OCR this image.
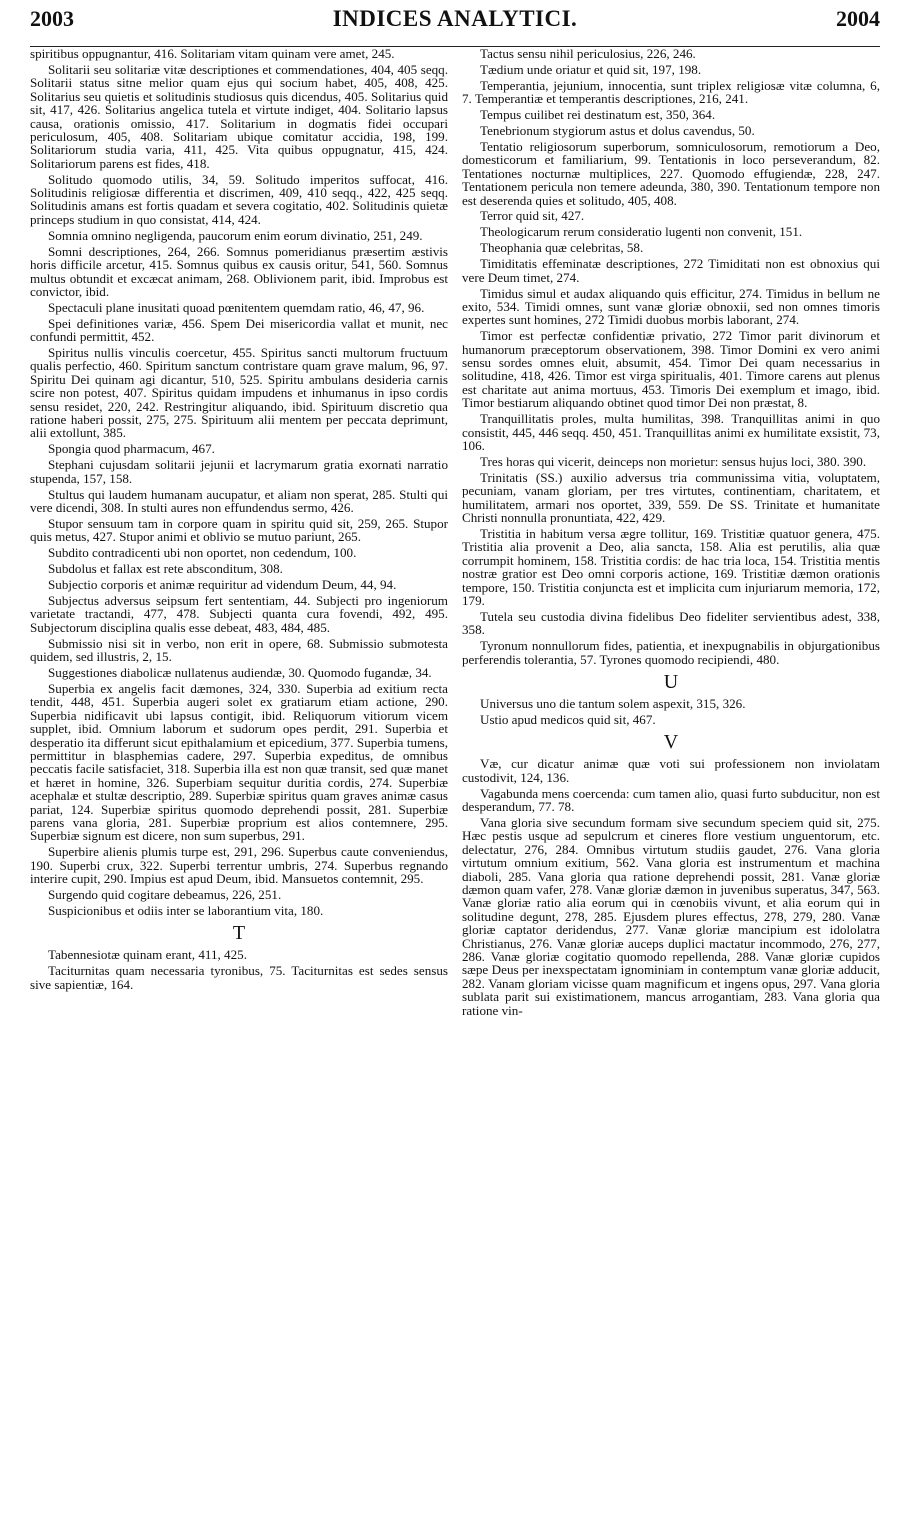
2003	INDICES ANALYTICI.	2004

spiritibus oppugnantur, 416. Solitariam vitam quinam vere amet, 245.

Solitarii seu solitariæ vitæ descriptiones et commendationes, 404, 405 seqq. Solitarii status sitne melior quam ejus qui socium habet, 405, 408, 425. Solitarius seu quietis et solitudinis studiosus quis dicendus, 405. Solitarius quid sit, 417, 426. Solitarius angelica tutela et virtute indiget, 404. Solitario lapsus causa, orationis omissio, 417. Solitarium in dogmatis fidei occupari periculosum, 405, 408. Solitariam ubique comitatur accidia, 198, 199. Solitariorum studia varia, 411, 425. Vita quibus oppugnatur, 415, 424. Solitariorum parens est fides, 418.

Solitudo quomodo utilis, 34, 59. Solitudo imperitos suffocat, 416. Solitudinis religiosæ differentia et discrimen, 409, 410 seqq., 422, 425 seqq. Solitudinis amans est fortis quadam et severa cogitatio, 402. Solitudinis quietæ princeps studium in quo consistat, 414, 424.

Somnia omnino negligenda, paucorum enim eorum divinatio, 251, 249.

Somni descriptiones, 264, 266. Somnus pomeridianus præsertim æstivis horis difficile arcetur, 415. Somnus quibus ex causis oritur, 541, 560. Somnus multus obtundit et excæcat animam, 268. Oblivionem parit, ibid. Improbus est convictor, ibid.

Spectaculi plane inusitati quoad pœnitentem quemdam ratio, 46, 47, 96.

Spei definitiones variæ, 456. Spem Dei misericordia vallat et munit, nec confundi permittit, 452.

Spiritus nullis vinculis coercetur, 455. Spiritus sancti multorum fructuum qualis perfectio, 460. Spiritum sanctum contristare quam grave malum, 96, 97. Spiritu Dei quinam agi dicantur, 510, 525. Spiritu ambulans desideria carnis scire non potest, 407. Spiritus quidam impudens et inhumanus in ipso cordis sensu residet, 220, 242. Restringitur aliquando, ibid. Spirituum discretio qua ratione haberi possit, 275, 275. Spirituum alii mentem per peccata deprimunt, alii extollunt, 385.

Spongia quod pharmacum, 467.

Stephani cujusdam solitarii jejunii et lacrymarum gratia exornati narratio stupenda, 157, 158.

Stultus qui laudem humanam aucupatur, et aliam non sperat, 285. Stulti qui vere dicendi, 308. In stulti aures non effundendus sermo, 426.

Stupor sensuum tam in corpore quam in spiritu quid sit, 259, 265. Stupor quis metus, 427. Stupor animi et oblivio se mutuo pariunt, 265.

Subdito contradicenti ubi non oportet, non cedendum, 100.

Subdolus et fallax est rete absconditum, 308.

Subjectio corporis et animæ requiritur ad videndum Deum, 44, 94.

Subjectus adversus seipsum fert sententiam, 44. Subjecti pro ingeniorum varietate tractandi, 477, 478. Subjecti quanta cura fovendi, 492, 495. Subjectorum disciplina qualis esse debeat, 483, 484, 485.

Submissio nisi sit in verbo, non erit in opere, 68. Submissio submotesta quidem, sed illustris, 2, 15.

Suggestiones diabolicæ nullatenus audiendæ, 30. Quomodo fugandæ, 34.

Superbia ex angelis facit dæmones, 324, 330. Superbia ad exitium recta tendit, 448, 451. Superbia augeri solet ex gratiarum etiam actione, 290. Superbia nidificavit ubi lapsus contigit, ibid. Reliquorum vitiorum vicem supplet, ibid. Omnium laborum et sudorum opes perdit, 291. Superbia et desperatio ita differunt sicut epithalamium et epicedium, 377. Superbia tumens, permittitur in blasphemias cadere, 297. Superbia expeditus, de omnibus peccatis facile satisfaciet, 318. Superbia illa est non quæ transit, sed quæ manet et hæret in homine, 326. Superbiam sequitur duritia cordis, 274. Superbiæ acephalæ et stultæ descriptio, 289. Superbiæ spiritus quam graves animæ casus pariat, 124. Superbiæ spiritus quomodo deprehendi possit, 281. Superbiæ parens vana gloria, 281. Superbiæ proprium est alios contemnere, 295. Superbiæ signum est dicere, non sum superbus, 291.

Superbire alienis plumis turpe est, 291, 296. Superbus caute conveniendus, 190. Superbi crux, 322. Superbi terrentur umbris, 274. Superbus regnando interire cupit, 290. Impius est apud Deum, ibid. Mansuetos contemnit, 295.

Surgendo quid cogitare debeamus, 226, 251.

Suspicionibus et odiis inter se laborantium vita, 180.

T

Tabennesiotæ quinam erant, 411, 425.

Taciturnitas quam necessaria tyronibus, 75. Taciturnitas est sedes sensus sive sapientiæ, 164.

Tactus sensu nihil periculosius, 226, 246.

Tædium unde oriatur et quid sit, 197, 198.

Temperantia, jejunium, innocentia, sunt triplex religiosæ vitæ columna, 6, 7. Temperantiæ et temperantis descriptiones, 216, 241.

Tempus cuilibet rei destinatum est, 350, 364.

Tenebrionum stygiorum astus et dolus cavendus, 50.

Tentatio religiosorum superborum, somniculosorum, remotiorum a Deo, domesticorum et familiarium, 99. Tentationis in loco perseverandum, 82. Tentationes nocturnæ multiplices, 227. Quomodo effugiendæ, 228, 247. Tentationem pericula non temere adeunda, 380, 390. Tentationum tempore non est deserenda quies et solitudo, 405, 408.

Terror quid sit, 427.

Theologicarum rerum consideratio lugenti non convenit, 151.

Theophania quæ celebritas, 58.

Timiditatis effeminatæ descriptiones, 272 Timiditati non est obnoxius qui vere Deum timet, 274.

Timidus simul et audax aliquando quis efficitur, 274. Timidus in bellum ne exito, 534. Timidi omnes, sunt vanæ gloriæ obnoxii, sed non omnes timoris expertes sunt homines, 272 Timidi duobus morbis laborant, 274.

Timor est perfectæ confidentiæ privatio, 272 Timor parit divinorum et humanorum præceptorum observationem, 398. Timor Domini ex vero animi sensu sordes omnes eluit, absumit, 454. Timor Dei quam necessarius in solitudine, 418, 426. Timor est virga spiritualis, 401. Timore carens aut plenus est charitate aut anima mortuus, 453. Timoris Dei exemplum et imago, ibid. Timor bestiarum aliquando obtinet quod timor Dei non præstat, 8.

Tranquillitatis proles, multa humilitas, 398. Tranquillitas animi in quo consistit, 445, 446 seqq. 450, 451. Tranquillitas animi ex humilitate exsistit, 73, 106.

Tres horas qui vicerit, deinceps non morietur: sensus hujus loci, 380. 390.

Trinitatis (SS.) auxilio adversus tria communissima vitia, voluptatem, pecuniam, vanam gloriam, per tres virtutes, continentiam, charitatem, et humilitatem, armari nos oportet, 339, 559. De SS. Trinitate et humanitate Christi nonnulla pronuntiata, 422, 429.

Tristitia in habitum versa ægre tollitur, 169. Tristitiæ quatuor genera, 475. Tristitia alia provenit a Deo, alia sancta, 158. Alia est perutilis, alia quæ corrumpit hominem, 158. Tristitia cordis: de hac tria loca, 154. Tristitia mentis nostræ gratior est Deo omni corporis actione, 169. Tristitiæ dæmon orationis tempore, 150. Tristitia conjuncta est et implicita cum injuriarum memoria, 172, 179.

Tutela seu custodia divina fidelibus Deo fideliter servientibus adest, 338, 358.

Tyronum nonnullorum fides, patientia, et inexpugnabilis in objurgationibus perferendis tolerantia, 57. Tyrones quomodo recipiendi, 480.

U

Universus uno die tantum solem aspexit, 315, 326.

Ustio apud medicos quid sit, 467.

V

Væ, cur dicatur animæ quæ voti sui professionem non inviolatam custodivit, 124, 136.

Vagabunda mens coercenda: cum tamen alio, quasi furto subducitur, non est desperandum, 77. 78.

Vana gloria sive secundum formam sive secundum speciem quid sit, 275. Hæc pestis usque ad sepulcrum et cineres flore vestium unguentorum, etc. delectatur, 276, 284. Omnibus virtutum studiis gaudet, 276. Vana gloria virtutum omnium exitium, 562. Vana gloria est instrumentum et machina diaboli, 285. Vana gloria qua ratione deprehendi possit, 281. Vanæ gloriæ dæmon quam vafer, 278. Vanæ gloriæ dæmon in juvenibus superatus, 347, 563. Vanæ gloriæ ratio alia eorum qui in cœnobiis vivunt, et alia eorum qui in solitudine degunt, 278, 285. Ejusdem plures effectus, 278, 279, 280. Vanæ gloriæ captator deridendus, 277. Vanæ gloriæ mancipium est idololatra Christianus, 276. Vanæ gloriæ auceps duplici mactatur incommodo, 276, 277, 286. Vanæ gloriæ cogitatio quomodo repellenda, 288. Vanæ gloriæ cupidos sæpe Deus per inexspectatam ignominiam in contemptum vanæ gloriæ adducit, 282. Vanam gloriam vicisse quam magnificum et ingens opus, 297. Vana gloria sublata parit sui existimationem, mancus arrogantiam, 283. Vana gloria qua ratione vin-
